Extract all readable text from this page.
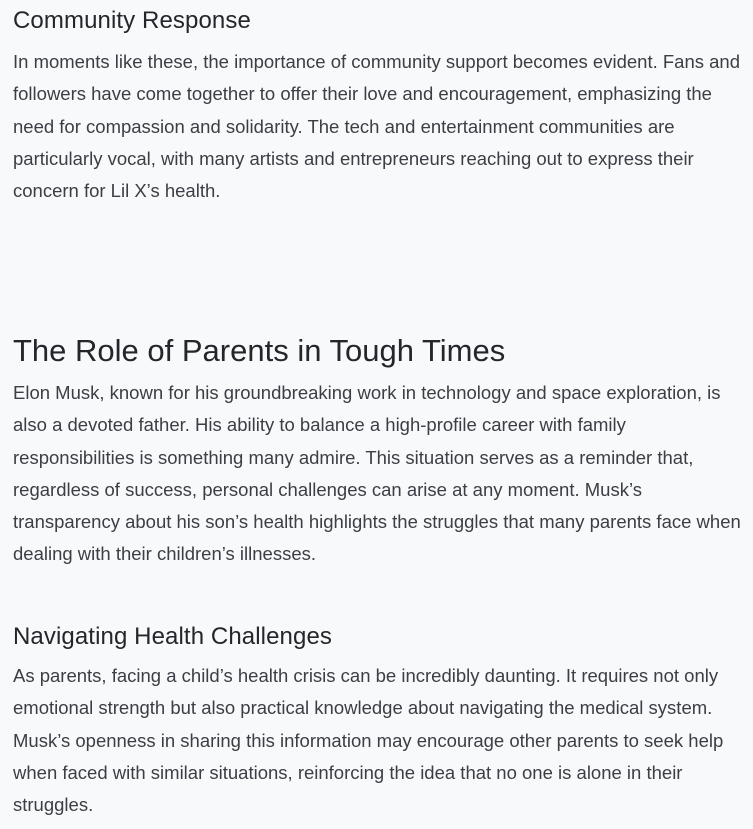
Community Response

In moments like these, the importance of community support becomes evident. Fans and followers have come together to offer their love and encouragement, emphasizing the need for compassion and solidarity. The tech and entertainment communities are particularly vocal, with many artists and entrepreneurs reaching out to express their concern for Lil X’s health.

The Role of Parents in Tough Times

Elon Musk, known for his groundbreaking work in technology and space exploration, is also a devoted father. His ability to balance a high-profile career with family responsibilities is something many admire. This situation serves as a reminder that, regardless of success, personal challenges can arise at any moment. Musk’s transparency about his son’s health highlights the struggles that many parents face when dealing with their children’s illnesses.

Navigating Health Challenges

As parents, facing a child’s health crisis can be incredibly daunting. It requires not only emotional strength but also practical knowledge about navigating the medical system. Musk’s openness in sharing this information may encourage other parents to seek help when faced with similar situations, reinforcing the idea that no one is alone in their struggles.
